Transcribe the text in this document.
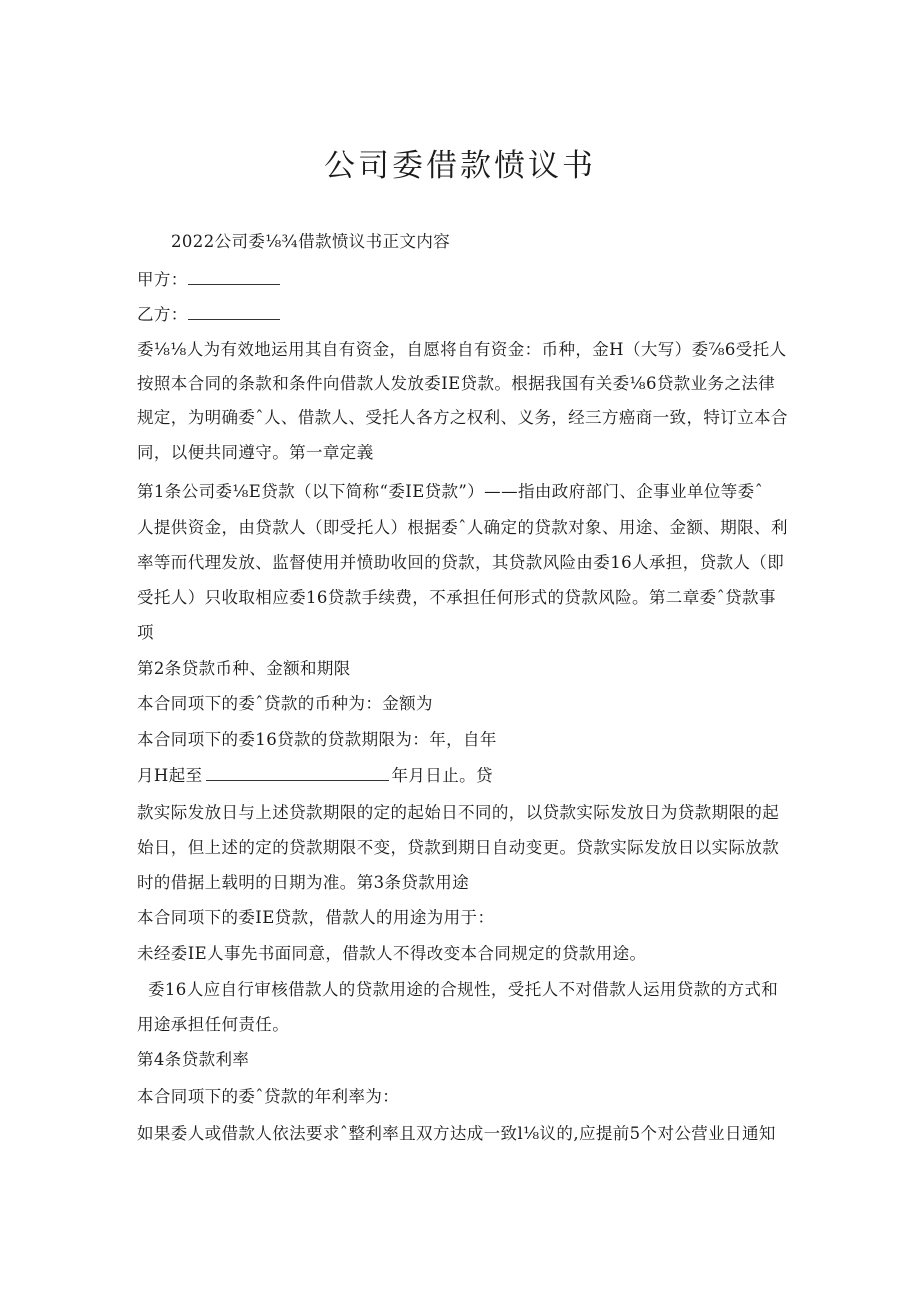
公司委借款愤议书
2022公司委⅛¾借款愤议书正文内容
甲方：
乙方：
委⅛⅛人为有效地运用其自有资金，自愿将自有资金：币种，金H（大写）委⅞6受托人
按照本合同的条款和条件向借款人发放委IE贷款。根据我国有关委⅛6贷款业务之法律
规定，为明确委ˆ人、借款人、受托人各方之权利、义务，经三方癌商一致，特订立本合
同，以便共同遵守。第一章定義
第1条公司委⅛E贷款（以下简称“委IE贷款”）——指由政府部门、企事业单位等委ˆ
人提供资金，由贷款人（即受托人）根据委ˆ人确定的贷款对象、用途、金额、期限、利
率等而代理发放、监督使用并愤助收回的贷款，其贷款风险由委16人承担，贷款人（即
受托人）只收取相应委16贷款手续费，不承担任何形式的贷款风险。第二章委ˆ贷款事
项
第2条贷款币种、金额和期限
本合同项下的委ˆ贷款的币种为：金额为
本合同项下的委16贷款的贷款期限为：年，自年
月H起至	年月日止。贷
款实际发放日与上述贷款期限的定的起始日不同的，以贷款实际发放日为贷款期限的起
始日，但上述的定的贷款期限不变，贷款到期日自动变更。贷款实际发放日以实际放款
时的借据上载明的日期为准。第3条贷款用途
本合同项下的委IE贷款，借款人的用途为用于：
未经委IE人事先书面同意，借款人不得改变本合同规定的贷款用途。
委16人应自行审核借款人的贷款用途的合规性，受托人不对借款人运用贷款的方式和
用途承担任何责任。
第4条贷款利率
本合同项下的委ˆ贷款的年利率为：
如果委人或借款人依法要求ˆ整利率且双方达成一致l⅛议的,应提前5个对公营业日通知
